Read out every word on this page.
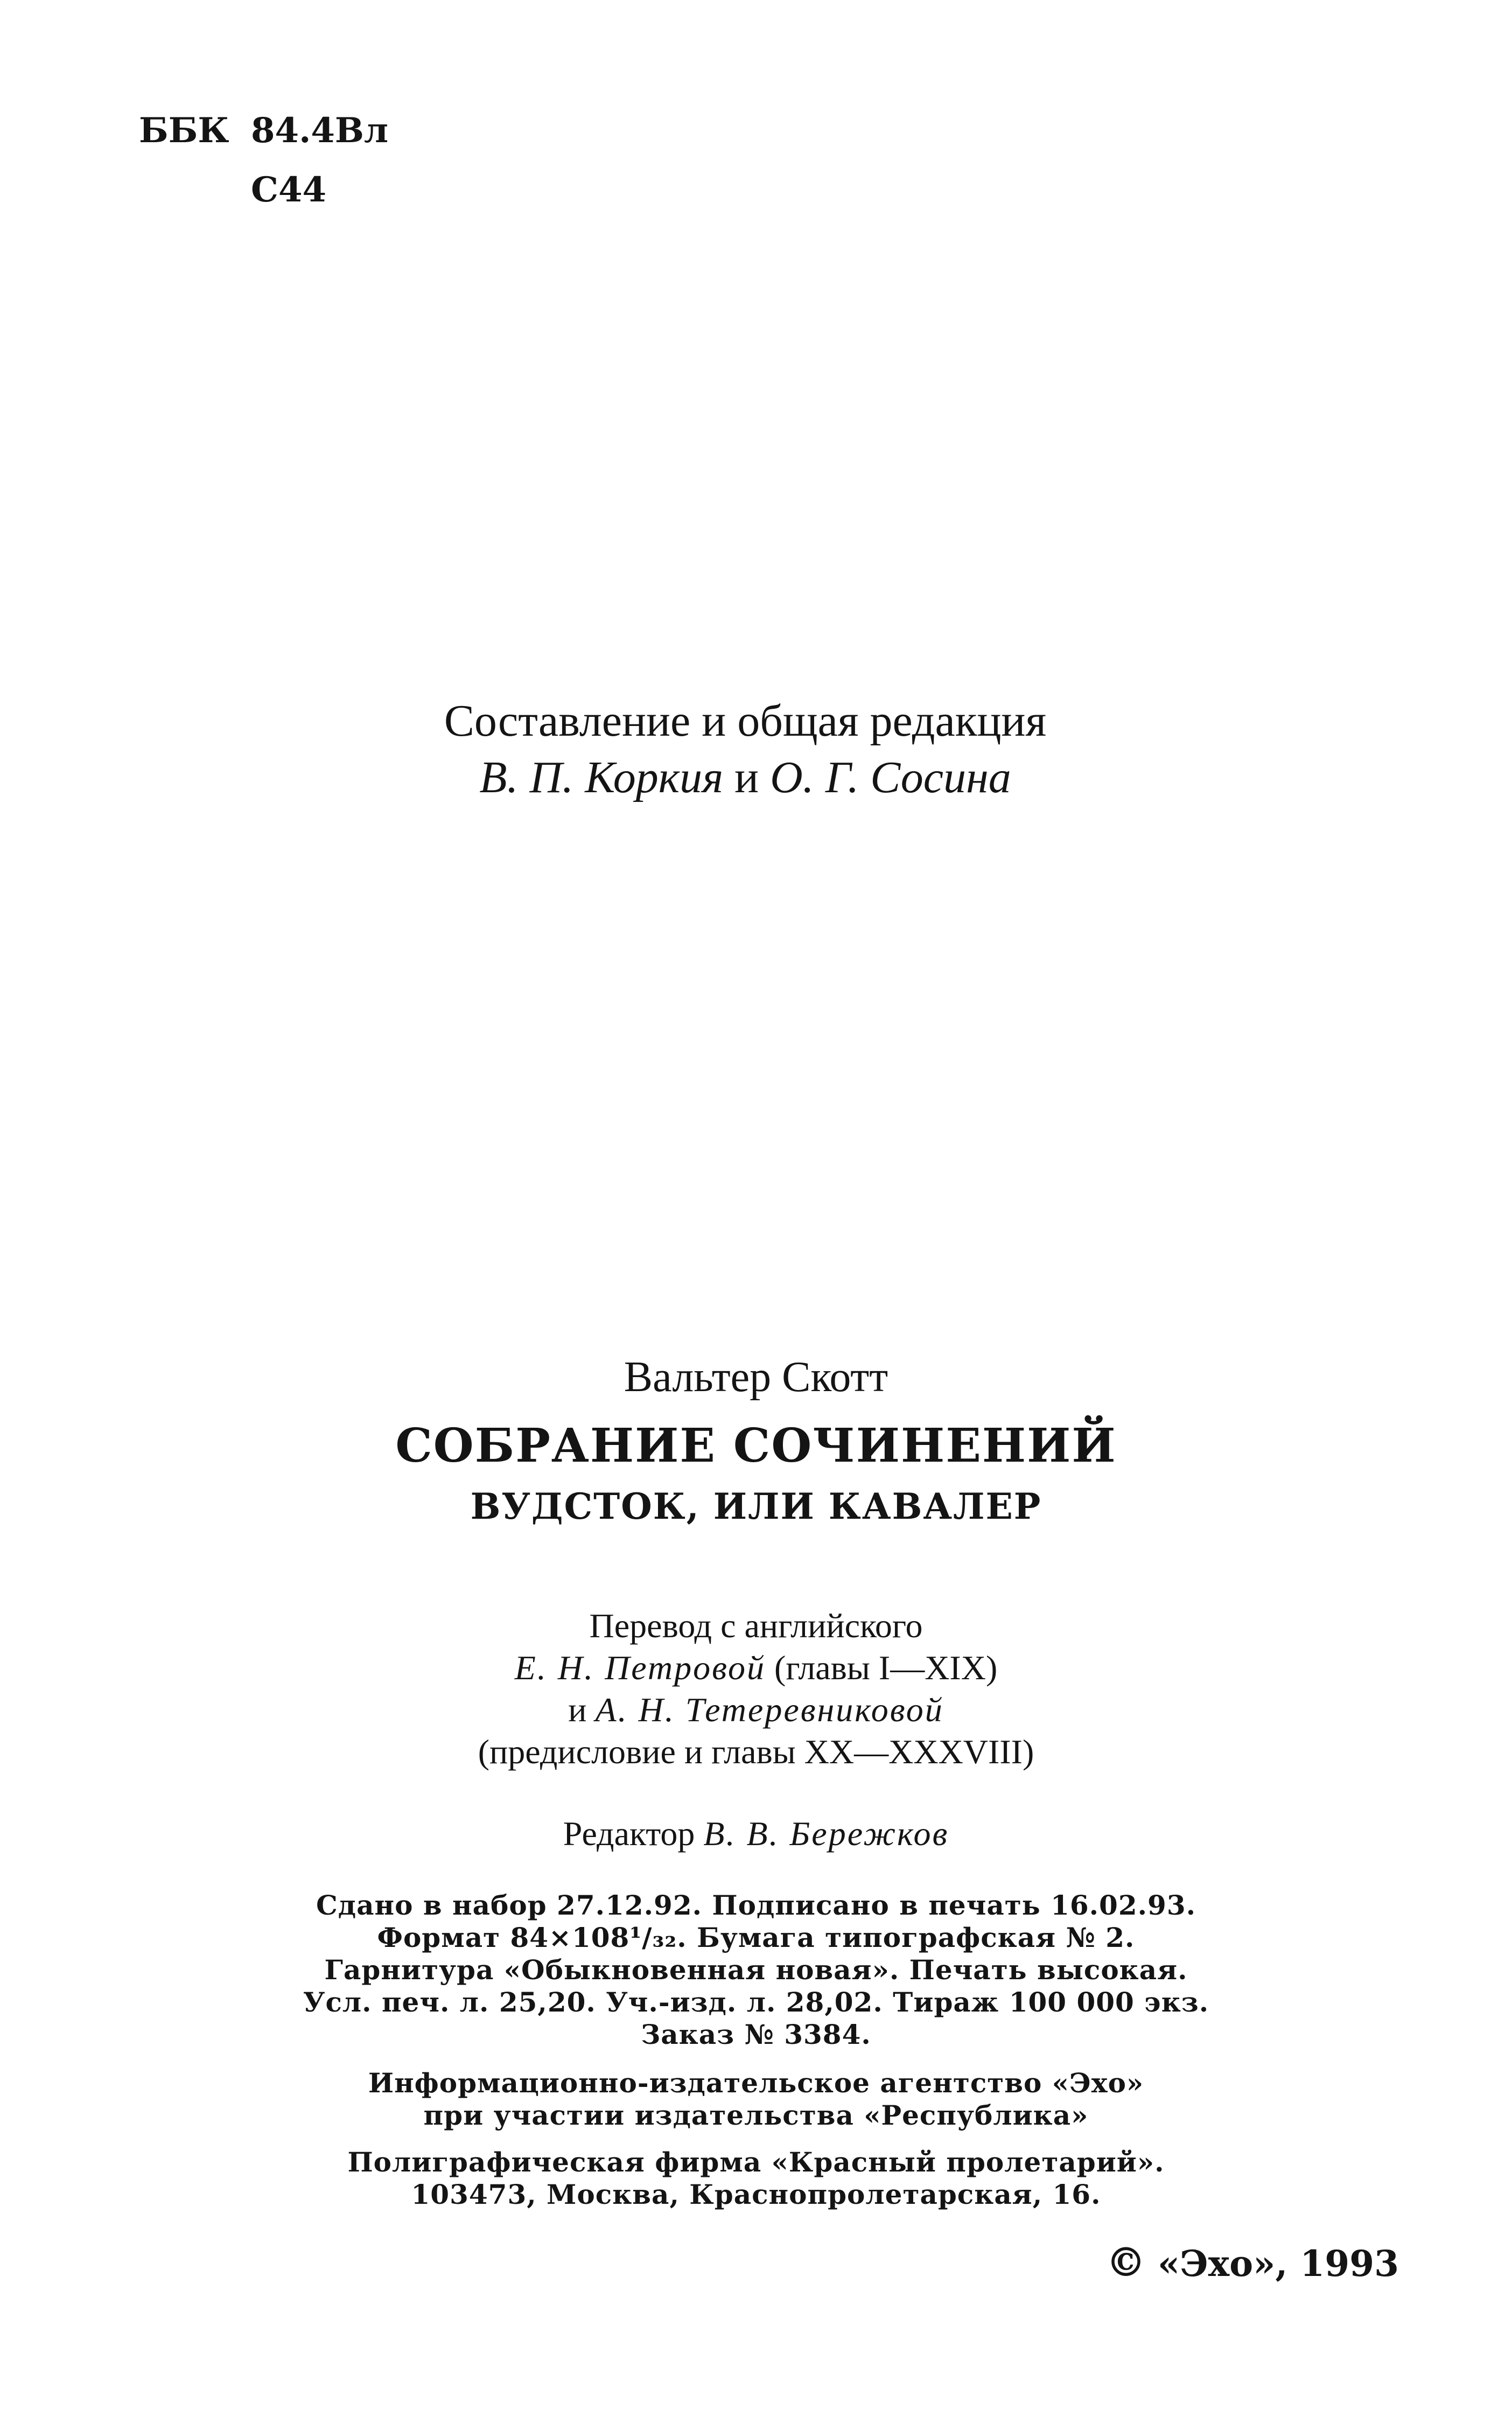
ББК 84.4Вл
С44
Составление и общая редакция
В. П. Коркия и О. Г. Сосина
Вальтер Скотт
СОБРАНИЕ СОЧИНЕНИЙ
ВУДСТОК, ИЛИ КАВАЛЕР
Перевод с английского
Е. Н. Петровой (главы I—XIX)
и А. Н. Тетеревниковой
(предисловие и главы XX—XXXVIII)
Редактор В. В. Бережков
Сдано в набор 27.12.92. Подписано в печать 16.02.93.
Формат 84×108¹/₃₂. Бумага типографская № 2.
Гарнитура «Обыкновенная новая». Печать высокая.
Усл. печ. л. 25,20. Уч.-изд. л. 28,02. Тираж 100 000 экз.
Заказ № 3384.
Информационно-издательское агентство «Эхо»
при участии издательства «Республика»
Полиграфическая фирма «Красный пролетарий».
103473, Москва, Краснопролетарская, 16.
© «Эхо», 1993
